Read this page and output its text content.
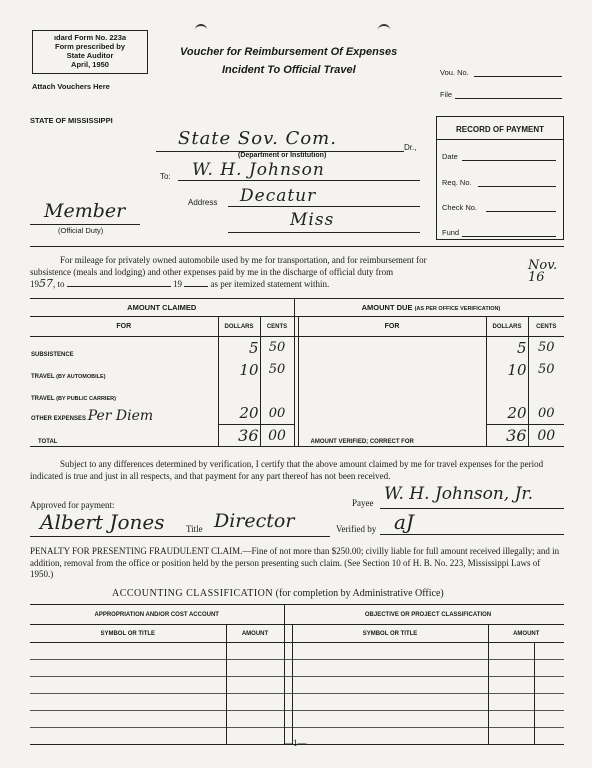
ıdard Form No. 223a
Form prescribed by
State Auditor
April, 1950
Attach Vouchers Here
Voucher for Reimbursement Of Expenses
Incident To Official Travel	Vou. No.
File
STATE OF MISSISSIPPI
State Sov. Com.	Dr.,
(Department or Institution)
To: W. H. Johnson
Address Decatur
Miss
Member
(Official Duty)
RECORD OF PAYMENT
Date
Req. No.
Check No.
Fund
For mileage for privately owned automobile used by me for transportation, and for reimbursement for
subsistence (meals and lodging) and other expenses paid by me in the discharge of official duty from	Nov. 16
1957, to	19	as per itemized statement within.
AMOUNT CLAIMED				AMOUNT DUE (AS PER OFFICE VERIFICATION)		
FOR	DOLLARS	CENTS		FOR	DOLLARS	CENTS
SUBSISTENCE	5	50			5	50
TRAVEL (BY AUTOMOBILE)	10	50			10	50
TRAVEL (BY PUBLIC CARRIER)						
OTHER EXPENSES Per Diem	20	00			20	00
TOTAL	36	00		AMOUNT VERIFIED; CORRECT FOR	36	00
Subject to any differences determined by verification, I certify that the above amount claimed by me for travel expenses for the period indicated is true and just in all respects, and that payment for any part thereof has not been received.
Approved for payment:	Payee W. H. Johnson, Jr.
Albert Jones Title Director	Verified by aJ
PENALTY FOR PRESENTING FRAUDULENT CLAIM.—Fine of not more than $250.00; civilly liable for full amount received illegally; and in addition, removal from the office or position held by the person presenting such claim. (See Section 10 of H. B. No. 223, Mississippi Laws of 1950.)
ACCOUNTING CLASSIFICATION (for completion by Administrative Office)
APPROPRIATION AND/OR COST ACCOUNT			OBJECTIVE OR PROJECT CLASSIFICATION		
SYMBOL OR TITLE	AMOUNT		SYMBOL OR TITLE	AMOUNT	

—1—
